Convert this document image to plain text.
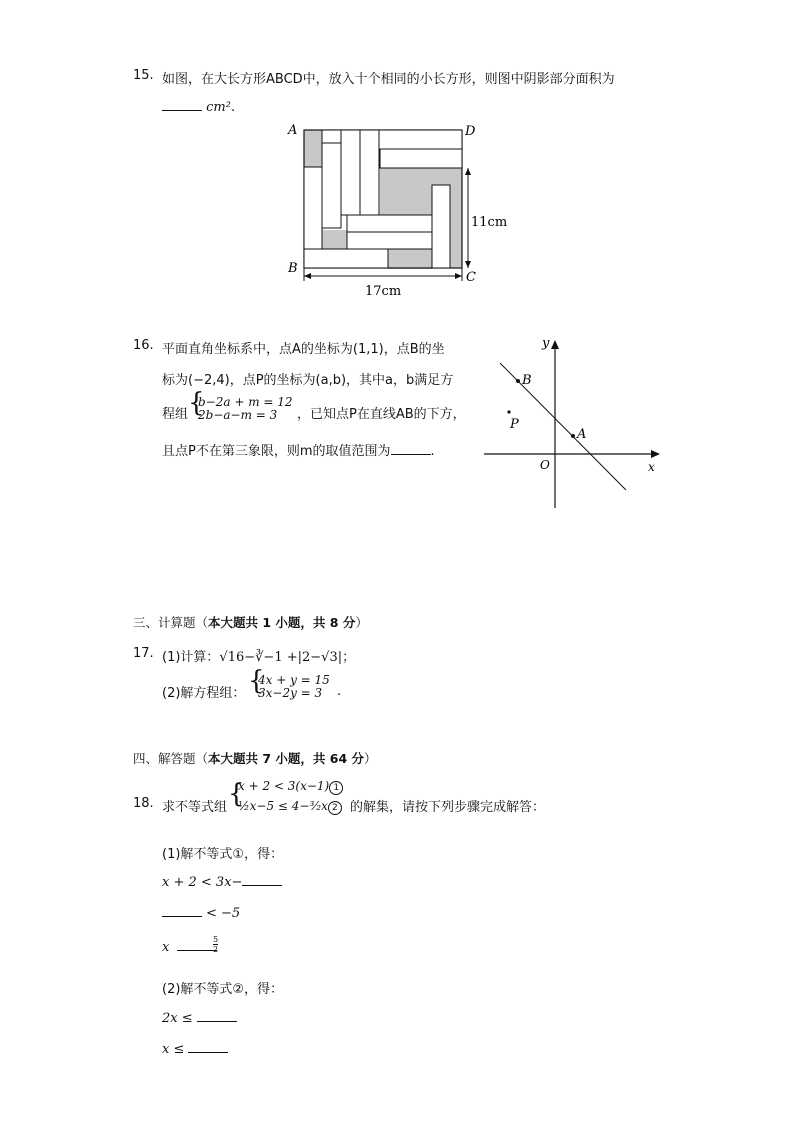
15. 如图，在大长方形ABCD中，放入十个相同的小长方形，则图中阴影部分面积为
cm².
A	D
B
C
11cm
17cm
16. 平面直角坐标系中，点A的坐标为(1,1)，点B的坐
标为(−2,4)，点P的坐标为(a,b)，其中a，b满足方
程组 {
b−2a + m = 12
2b−a−m = 3 ，已知点P在直线AB的下方，
且点P不在第三象限，则m的取值范围为	.
y
x
O
A
B
P
三、计算题（本大题共 1 小题，共 8 分）
17. (1)计算：√16−∛−1 +|2−√3|；
(2)解方程组： {
4x + y = 15
3x−2y = 3 .
四、解答题（本大题共 7 小题，共 64 分）
18. 求不等式组 {
x + 2 < 3(x−1) 1
½x−5 ≤ 4−³⁄₂x 2 的解集，请按下列步骤完成解答：
(1)解不等式①，得：
x + 2 < 3x−
< −5
x	$\frac{5}{2}$
(2)解不等式②，得：
2x ≤
x ≤
